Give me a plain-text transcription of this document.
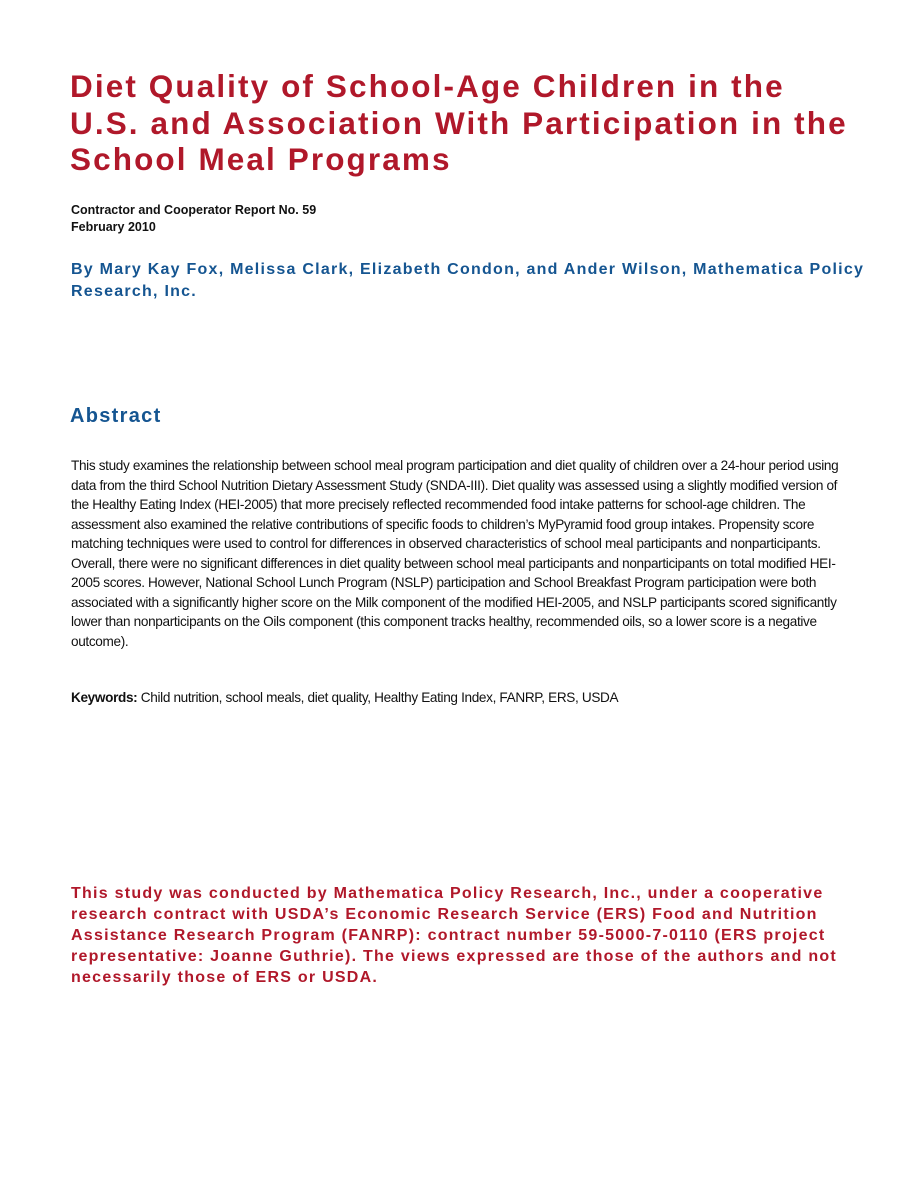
Diet Quality of School-Age Children in the U.S. and Association With Participation in the School Meal Programs
Contractor and Cooperator Report No. 59
February 2010
By Mary Kay Fox, Melissa Clark, Elizabeth Condon, and Ander Wilson, Mathematica Policy Research, Inc.
Abstract

This study examines the relationship between school meal program participation and diet quality of children over a 24-hour period using data from the third School Nutrition Dietary Assessment Study (SNDA-III). Diet quality was assessed using a slightly modified version of the Healthy Eating Index (HEI-2005) that more precisely reflected recommended food intake patterns for school-age children. The assessment also examined the relative contributions of specific foods to children’s MyPyramid food group intakes. Propensity score matching techniques were used to control for differences in observed characteristics of school meal participants and nonparticipants. Overall, there were no significant differences in diet quality between school meal participants and nonparticipants on total modified HEI-2005 scores. However, National School Lunch Program (NSLP) participation and School Breakfast Program participation were both associated with a significantly higher score on the Milk component of the modified HEI-2005, and NSLP participants scored significantly lower than nonparticipants on the Oils component (this component tracks healthy, recommended oils, so a lower score is a negative outcome).

Keywords: Child nutrition, school meals, diet quality, Healthy Eating Index, FANRP, ERS, USDA

This study was conducted by Mathematica Policy Research, Inc., under a cooperative research contract with USDA’s Economic Research Service (ERS) Food and Nutrition Assistance Research Program (FANRP): contract number 59-5000-7-0110 (ERS project representative: Joanne Guthrie). The views expressed are those of the authors and not necessarily those of ERS or USDA.
